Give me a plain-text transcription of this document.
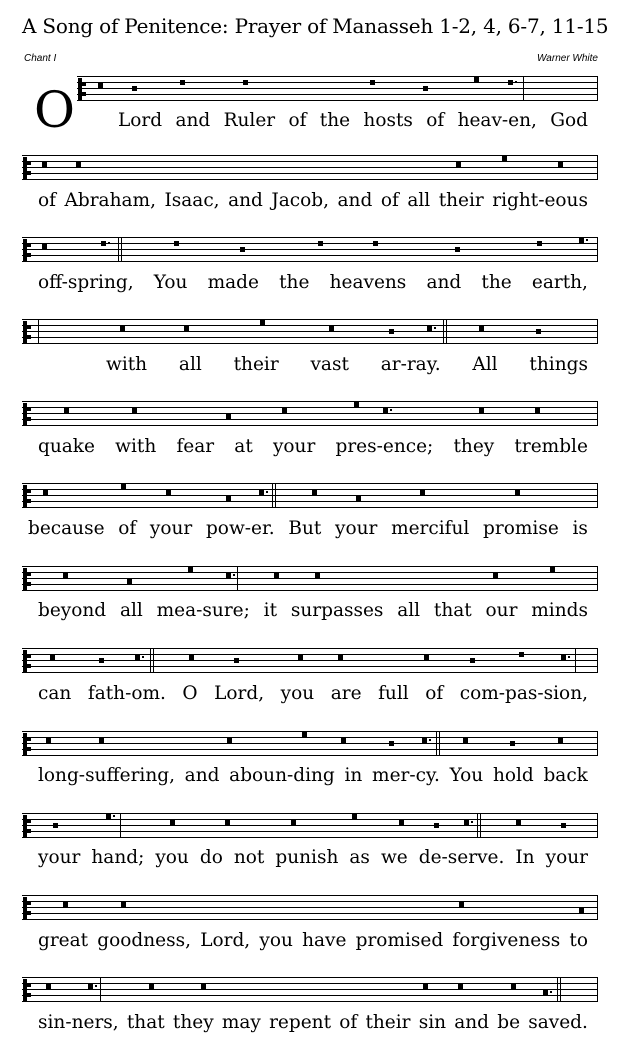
A Song of Penitence: Prayer of Manasseh 1-2, 4, 6-7, 11-15
Chant I	Warner White
O Lord and Ruler of the hosts of heav-en, God
of Abraham, Isaac, and Jacob, and of all their right-eous
off-spring, You made the heavens and the earth,
with all their vast ar-ray. All things
quake with fear at your pres-ence; they tremble
because of your pow-er. But your merciful promise is
beyond all mea-sure; it surpasses all that our minds
can fath-om. O Lord, you are full of com-pas-sion,
long-suffering, and aboun-ding in mer-cy. You hold back
your hand; you do not punish as we de-serve. In your
great goodness, Lord, you have promised forgiveness to
sin-ners, that they may repent of their sin and be saved.
